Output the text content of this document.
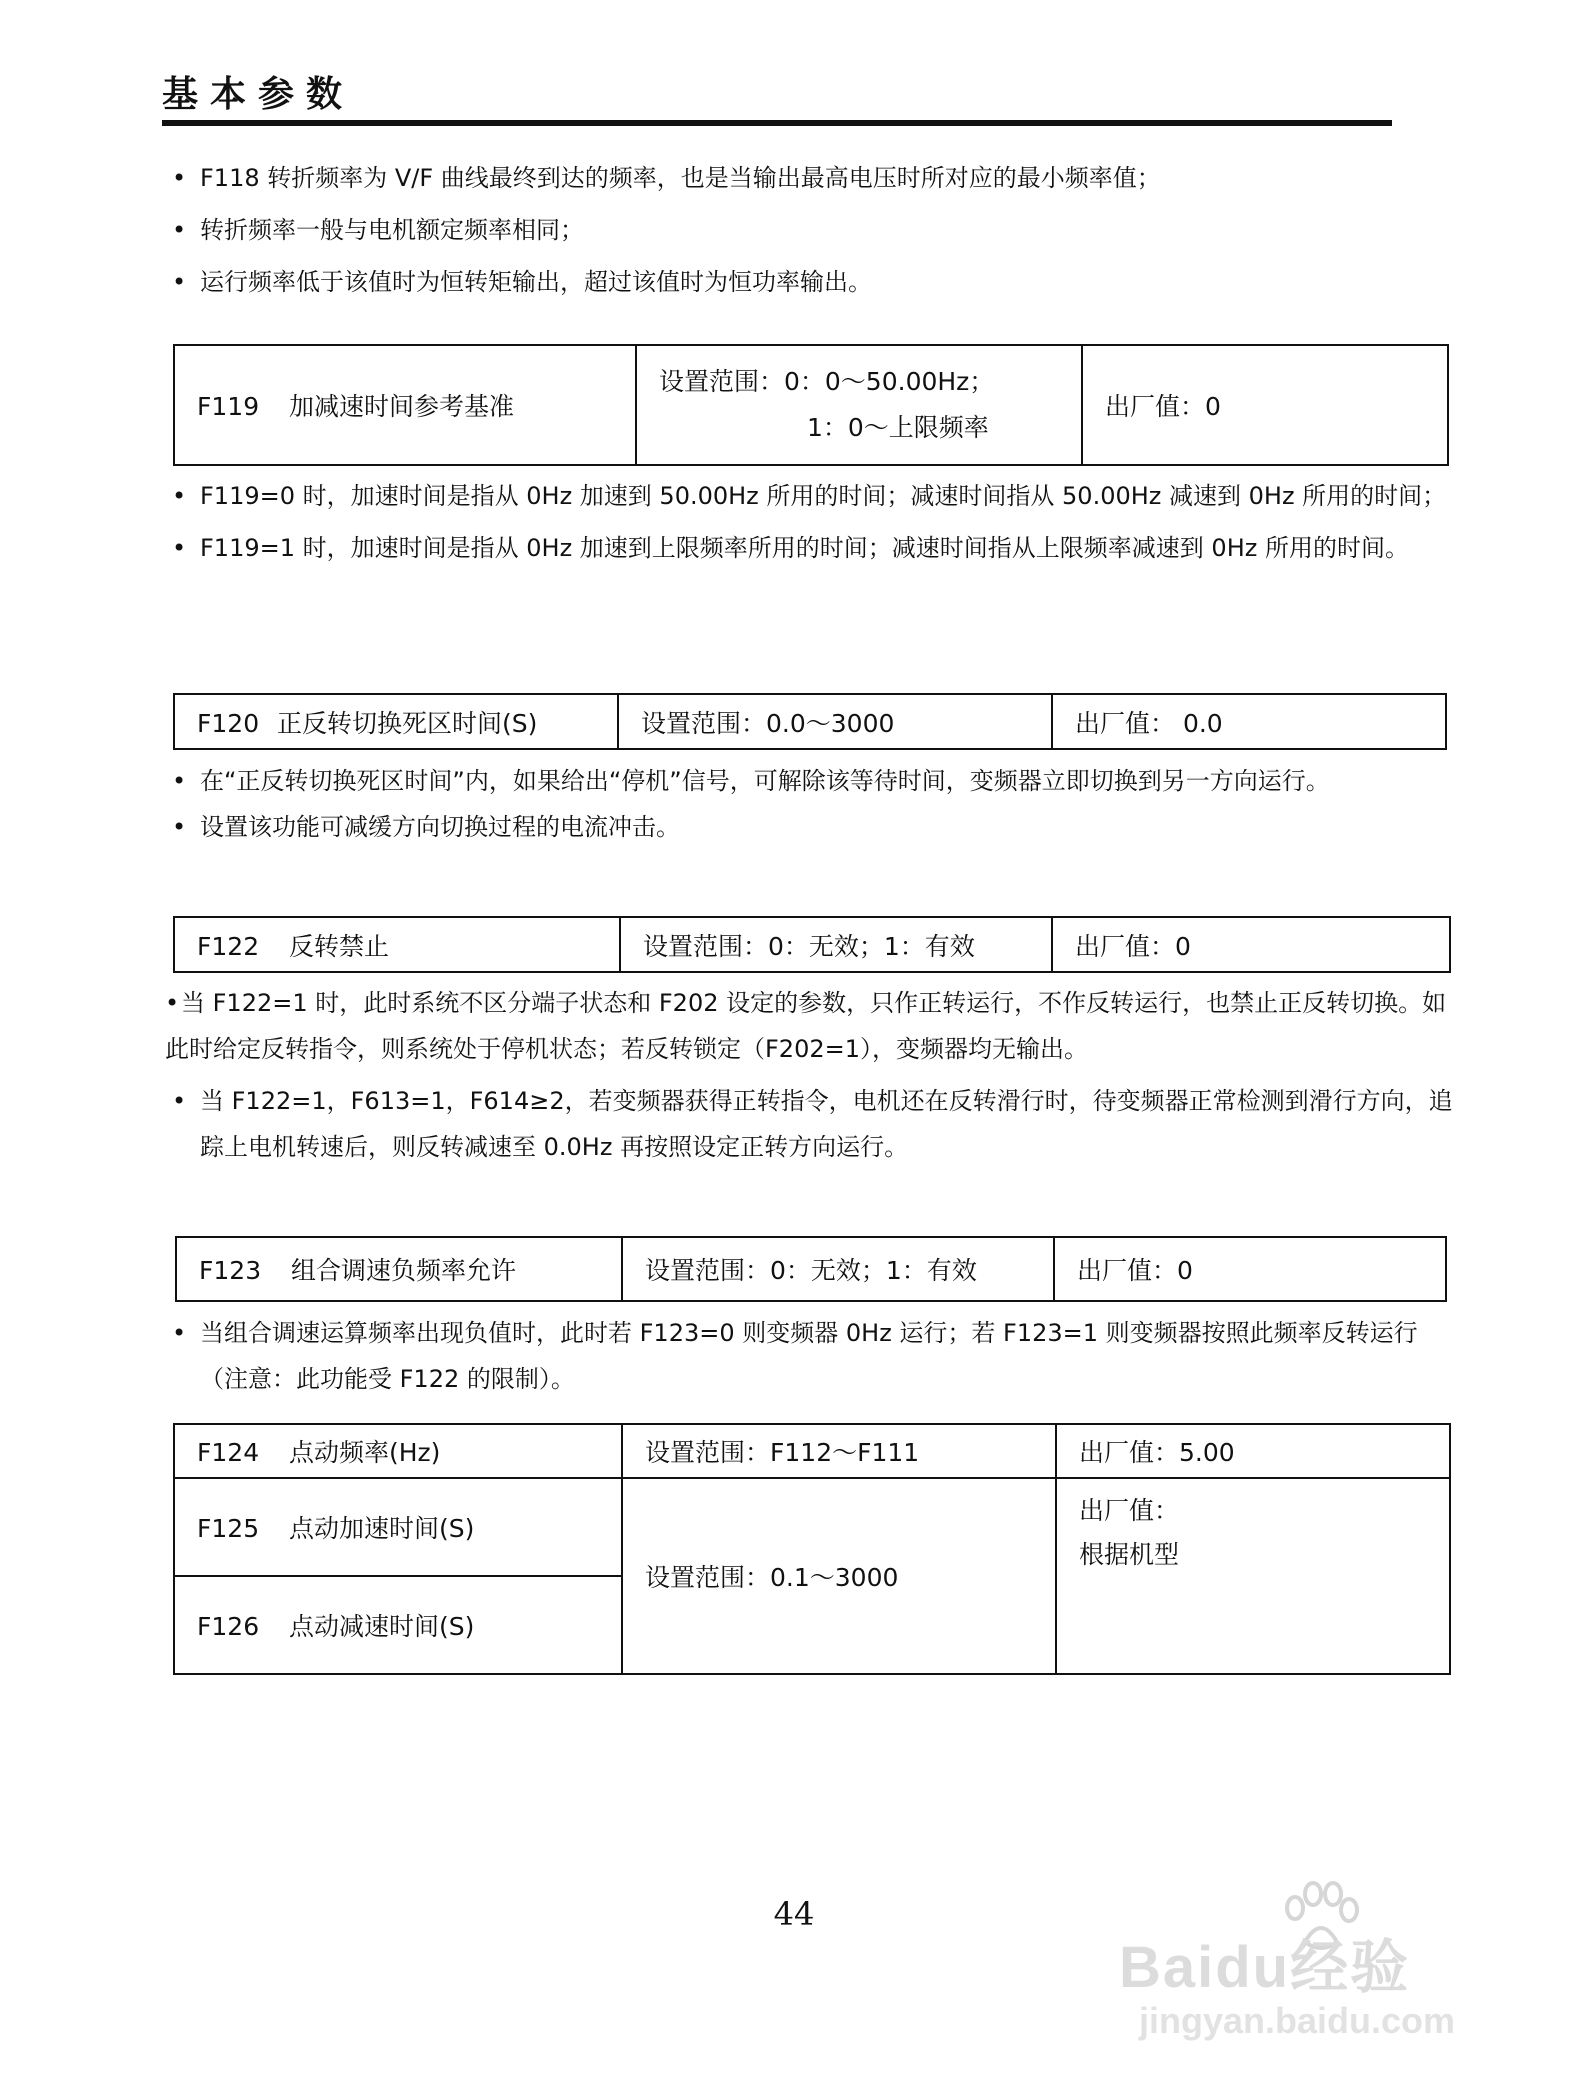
基本参数

• F118 转折频率为 V/F 曲线最终到达的频率，也是当输出最高电压时所对应的最小频率值；

• 转折频率一般与电机额定频率相同；

• 运行频率低于该值时为恒转矩输出，超过该值时为恒功率输出。

F119 加减速时间参考基准	
设置范围：0：0～50.00Hz；
1：0～上限频率
	出厂值：0

• F119=0 时，加速时间是指从 0Hz 加速到 50.00Hz 所用的时间；减速时间指从 50.00Hz 减速到 0Hz 所用的时间；

• F119=1 时，加速时间是指从 0Hz 加速到上限频率所用的时间；减速时间指从上限频率减速到 0Hz 所用的时间。

F120 正反转切换死区时间(S)	设置范围：0.0～3000	出厂值： 0.0

• 在“正反转切换死区时间”内，如果给出“停机”信号，可解除该等待时间，变频器立即切换到另一方向运行。

• 设置该功能可减缓方向切换过程的电流冲击。

F122 反转禁止	设置范围：0：无效；1：有效	出厂值：0

•当 F122=1 时，此时系统不区分端子状态和 F202 设定的参数，只作正转运行，不作反转运行，也禁止正反转切换。如此时给定反转指令，则系统处于停机状态；若反转锁定（F202=1），变频器均无输出。

• 当 F122=1，F613=1，F614≥2，若变频器获得正转指令，电机还在反转滑行时，待变频器正常检测到滑行方向，追踪上电机转速后，则反转减速至 0.0Hz 再按照设定正转方向运行。

F123 组合调速负频率允许	设置范围：0：无效；1：有效	出厂值：0

• 当组合调速运算频率出现负值时，此时若 F123=0 则变频器 0Hz 运行；若 F123=1 则变频器按照此频率反转运行（注意：此功能受 F122 的限制）。

F124 点动频率(Hz)	设置范围：F112～F111	出厂值：5.00
F125 点动加速时间(S)	设置范围：0.1～3000	出厂值：
根据机型

F126 点动减速时间(S)		
44
Baidu经验
jingyan.baidu.com
